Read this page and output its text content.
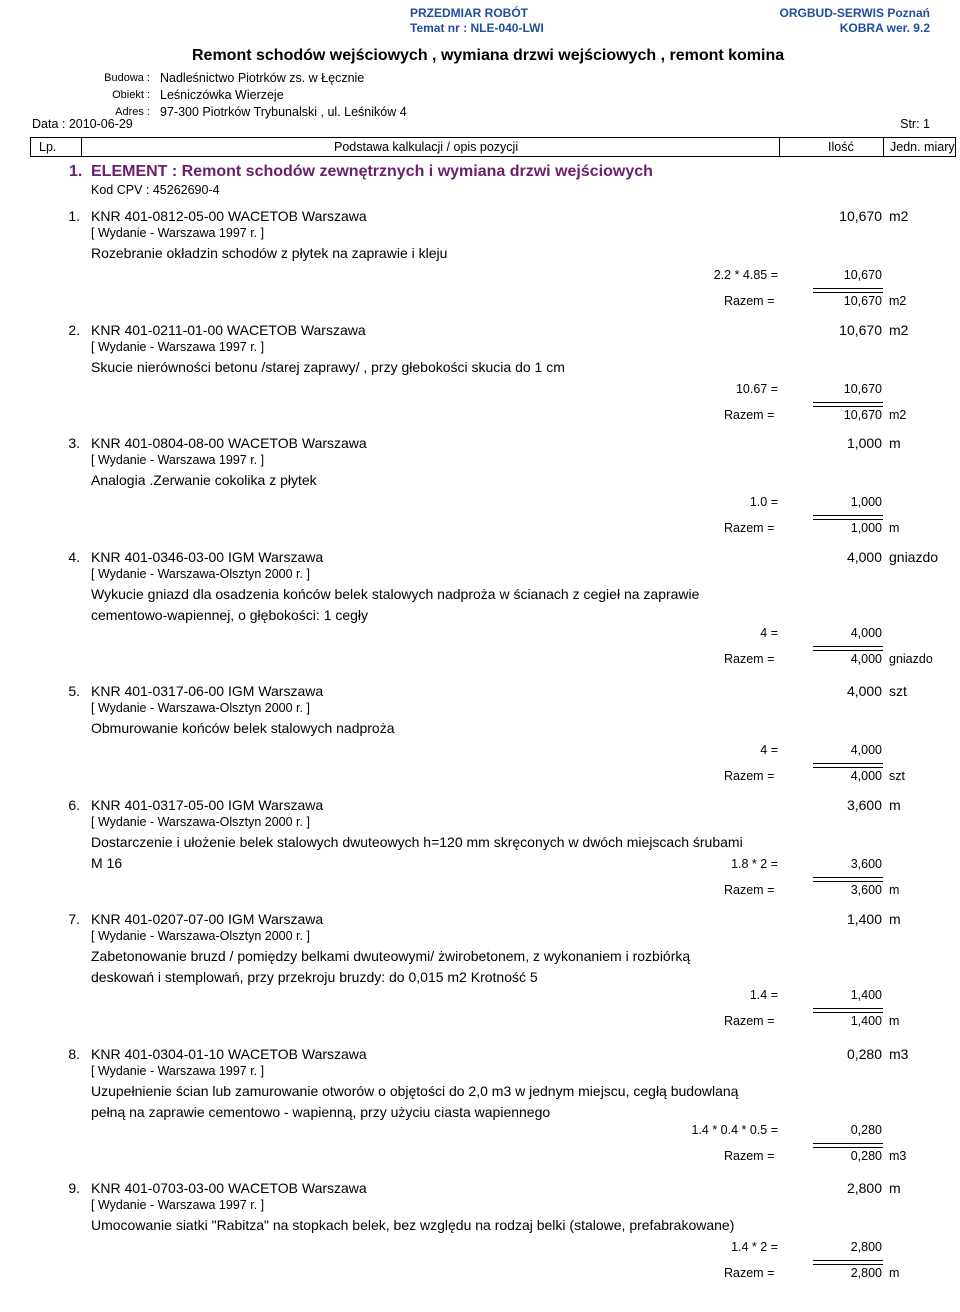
PRZEDMIAR ROBÓT
Temat nr : NLE-040-LWI
ORGBUD-SERWIS Poznań
KOBRA wer. 9.2
Remont schodów wejściowych , wymiana drzwi wejściowych , remont komina
Budowa : Nadleśnictwo Piotrków zs. w Łęcznie
Obiekt : Leśniczówka Wierzeje
Adres : 97-300 Piotrków Trybunalski , ul. Leśników 4
Data : 2010-06-29	Str: 1
Lp.	Podstawa kalkulacji / opis pozycji	Ilość	Jedn. miary
1. ELEMENT : Remont schodów zewnętrznych i wymiana drzwi wejściowych
Kod CPV : 45262690-4
1. KNR 401-0812-05-00 WACETOB Warszawa	10,670 m2
[ Wydanie - Warszawa 1997 r. ]
Rozebranie okładzin schodów z płytek na zaprawie i kleju
2.2 * 4.85 =	10,670
Razem =	10,670 m2
2. KNR 401-0211-01-00 WACETOB Warszawa	10,670 m2
[ Wydanie - Warszawa 1997 r. ]
Skucie nierówności betonu /starej zaprawy/ , przy głebokości skucia do 1 cm
10.67 =	10,670
Razem =	10,670 m2
3. KNR 401-0804-08-00 WACETOB Warszawa	1,000 m
[ Wydanie - Warszawa 1997 r. ]
Analogia .Zerwanie cokolika z płytek
1.0 =	1,000
Razem =	1,000 m
4. KNR 401-0346-03-00 IGM Warszawa	4,000 gniazdo
[ Wydanie - Warszawa-Olsztyn 2000 r. ]
Wykucie gniazd dla osadzenia końców belek stalowych nadproża w ścianach z cegieł na zaprawie cementowo-wapiennej, o głębokości: 1 cegły
4 =	4,000
Razem =	4,000 gniazdo
5. KNR 401-0317-06-00 IGM Warszawa	4,000 szt
[ Wydanie - Warszawa-Olsztyn 2000 r. ]
Obmurowanie końców belek stalowych nadproża
4 =	4,000
Razem =	4,000 szt
6. KNR 401-0317-05-00 IGM Warszawa	3,600 m
[ Wydanie - Warszawa-Olsztyn 2000 r. ]
Dostarczenie i ułożenie belek stalowych dwuteowych h=120 mm skręconych w dwóch miejscach śrubami M 16	1.8 * 2 =	3,600
Razem =	3,600 m
7. KNR 401-0207-07-00 IGM Warszawa	1,400 m
[ Wydanie - Warszawa-Olsztyn 2000 r. ]
Zabetonowanie bruzd / pomiędzy belkami dwuteowymi/ żwirobetonem, z wykonaniem i rozbiórką deskowań i stemplowań, przy przekroju bruzdy: do 0,015 m2 Krotność 5
1.4 =	1,400
Razem =	1,400 m
8. KNR 401-0304-01-10 WACETOB Warszawa	0,280 m3
[ Wydanie - Warszawa 1997 r. ]
Uzupełnienie ścian lub zamurowanie otworów o objętości do 2,0 m3 w jednym miejscu, cegłą budowlaną pełną na zaprawie cementowo - wapienną, przy użyciu ciasta wapiennego
1.4 * 0.4 * 0.5 =	0,280
Razem =	0,280 m3
9. KNR 401-0703-03-00 WACETOB Warszawa	2,800 m
[ Wydanie - Warszawa 1997 r. ]
Umocowanie siatki "Rabitza" na stopkach belek, bez względu na rodzaj belki (stalowe, prefabrakowane)
1.4 * 2 =	2,800
Razem =	2,800 m
